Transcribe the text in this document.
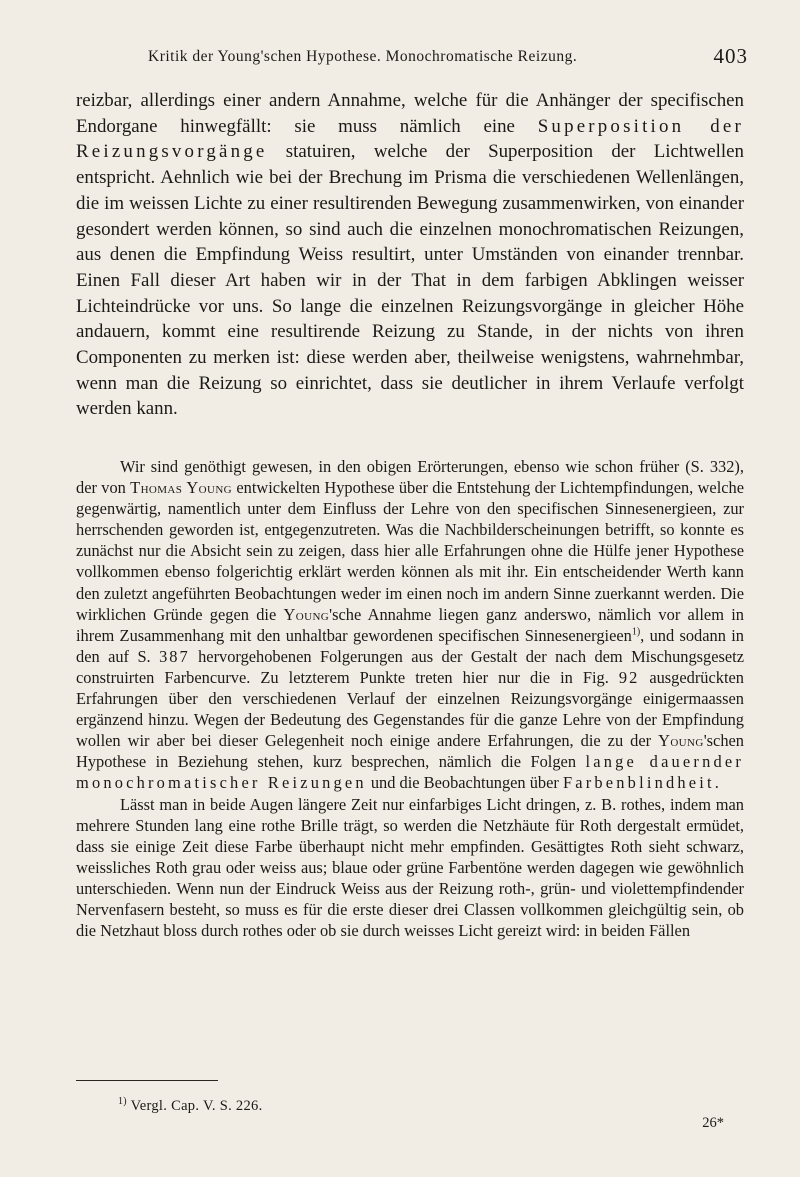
Kritik der Young'schen Hypothese. Monochromatische Reizung.	403

reizbar, allerdings einer andern Annahme, welche für die Anhänger der specifischen Endorgane hinwegfällt: sie muss nämlich eine Superposition der Reizungsvorgänge statuiren, welche der Superposition der Lichtwellen entspricht. Aehnlich wie bei der Brechung im Prisma die verschiedenen Wellenlängen, die im weissen Lichte zu einer resultirenden Bewegung zusammenwirken, von einander gesondert werden können, so sind auch die einzelnen monochromatischen Reizungen, aus denen die Empfindung Weiss resultirt, unter Umständen von einander trennbar. Einen Fall dieser Art haben wir in der That in dem farbigen Abklingen weisser Lichteindrücke vor uns. So lange die einzelnen Reizungsvorgänge in gleicher Höhe andauern, kommt eine resultirende Reizung zu Stande, in der nichts von ihren Componenten zu merken ist: diese werden aber, theilweise wenigstens, wahrnehmbar, wenn man die Reizung so einrichtet, dass sie deutlicher in ihrem Verlaufe verfolgt werden kann.

Wir sind genöthigt gewesen, in den obigen Erörterungen, ebenso wie schon früher (S. 332), der von Thomas Young entwickelten Hypothese über die Entstehung der Lichtempfindungen, welche gegenwärtig, namentlich unter dem Einfluss der Lehre von den specifischen Sinnesenergieen, zur herrschenden geworden ist, entgegenzutreten. Was die Nachbilderscheinungen betrifft, so konnte es zunächst nur die Absicht sein zu zeigen, dass hier alle Erfahrungen ohne die Hülfe jener Hypothese vollkommen ebenso folgerichtig erklärt werden können als mit ihr. Ein entscheidender Werth kann den zuletzt angeführten Beobachtungen weder im einen noch im andern Sinne zuerkannt werden. Die wirklichen Gründe gegen die Young'sche Annahme liegen ganz anderswo, nämlich vor allem in ihrem Zusammenhang mit den unhaltbar gewordenen specifischen Sinnesenergieen$^{1)}$, und sodann in den auf S. 387 hervorgehobenen Folgerungen aus der Gestalt der nach dem Mischungsgesetz construirten Farbencurve. Zu letzterem Punkte treten hier nur die in Fig. 92 ausgedrückten Erfahrungen über den verschiedenen Verlauf der einzelnen Reizungsvorgänge einigermaassen ergänzend hinzu. Wegen der Bedeutung des Gegenstandes für die ganze Lehre von der Empfindung wollen wir aber bei dieser Gelegenheit noch einige andere Erfahrungen, die zu der Young'schen Hypothese in Beziehung stehen, kurz besprechen, nämlich die Folgen lange dauernder monochromatischer Reizungen und die Beobachtungen über Farbenblindheit.

Lässt man in beide Augen längere Zeit nur einfarbiges Licht dringen, z. B. rothes, indem man mehrere Stunden lang eine rothe Brille trägt, so werden die Netzhäute für Roth dergestalt ermüdet, dass sie einige Zeit diese Farbe überhaupt nicht mehr empfinden. Gesättigtes Roth sieht schwarz, weissliches Roth grau oder weiss aus; blaue oder grüne Farbentöne werden dagegen wie gewöhnlich unterschieden. Wenn nun der Eindruck Weiss aus der Reizung roth-, grün- und violettempfindender Nervenfasern besteht, so muss es für die erste dieser drei Classen vollkommen gleichgültig sein, ob die Netzhaut bloss durch rothes oder ob sie durch weisses Licht gereizt wird: in beiden Fällen

$^{1)}$ Vergl. Cap. V. S. 226.
26*
